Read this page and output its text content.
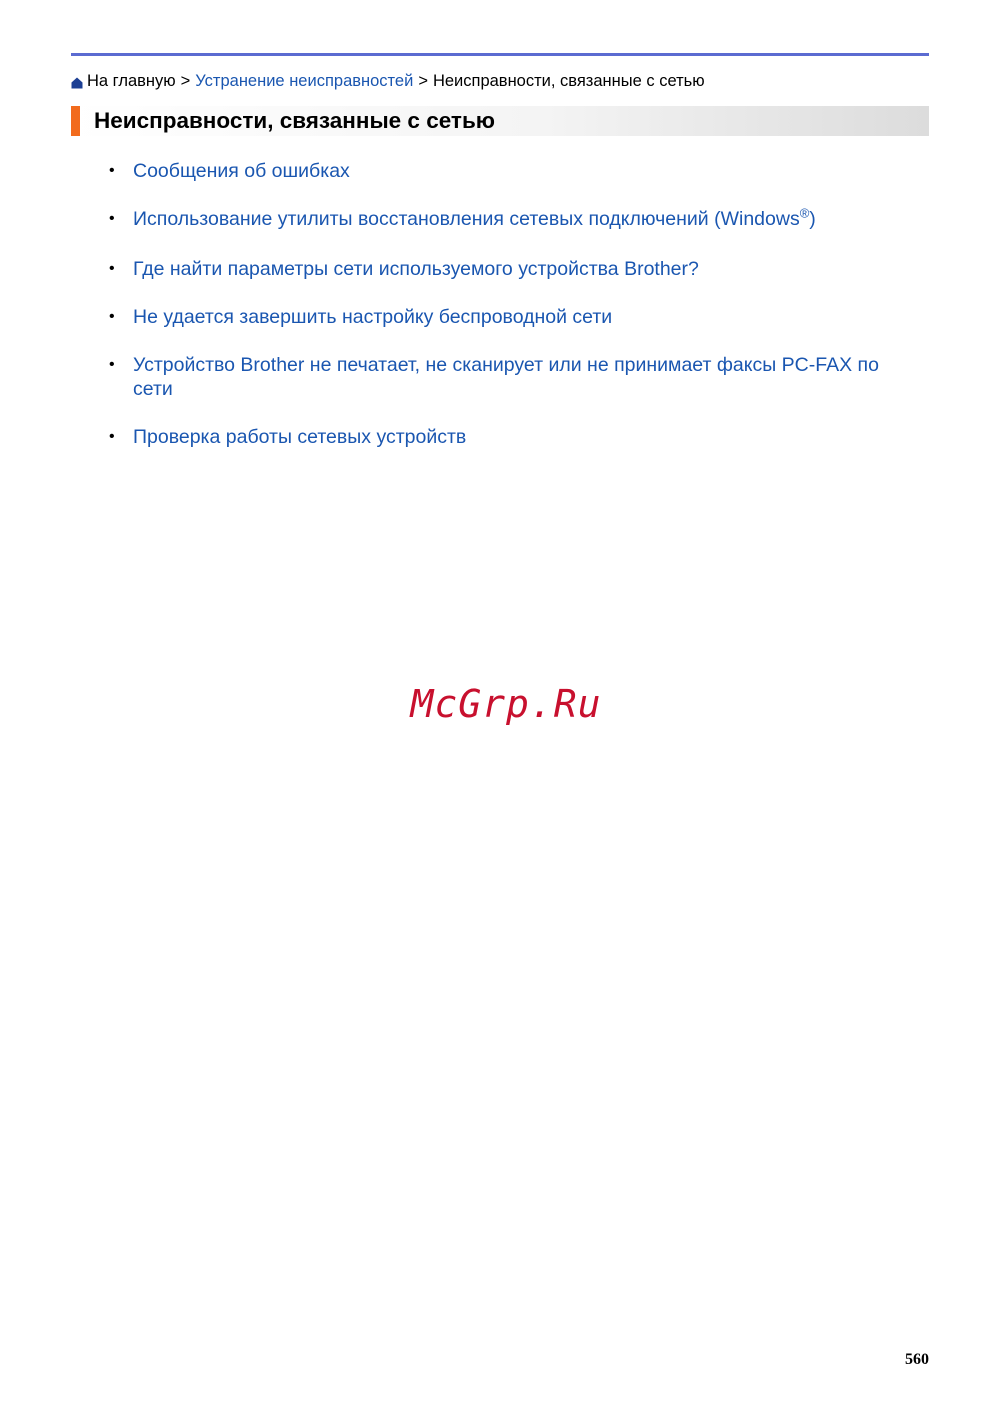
На главную > Устранение неисправностей > Неисправности, связанные с сетью
Неисправности, связанные с сетью
• Сообщения об ошибках
• Использование утилиты восстановления сетевых подключений (Windows®)
• Где найти параметры сети используемого устройства Brother?
• Не удается завершить настройку беспроводной сети
• Устройство Brother не печатает, не сканирует или не принимает факсы PC-FAX по сети
• Проверка работы сетевых устройств
McGrp.Ru
560
